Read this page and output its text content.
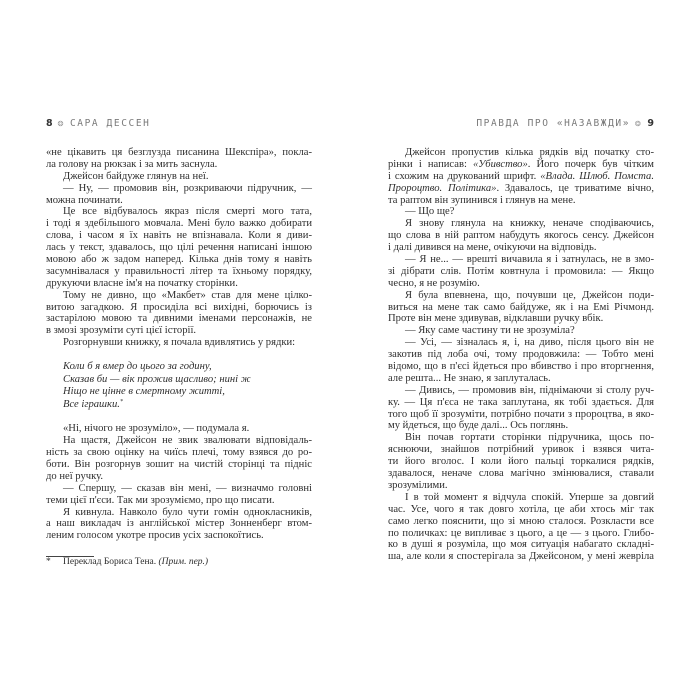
8 ❂ САРА ДЕССЕН	ПРАВДА ПРО «НАЗАВЖДИ» ❂ 9
«не цікавить ця безглузда писанина Шекспіра», покла-
ла голову на рюкзак і за мить заснула.
Джейсон байдуже глянув на неї.
— Ну, — промовив він, розкриваючи підручник, —
можна починати.
Це все відбувалось якраз після смерті мого тата,
і тоді я здебільшого мовчала. Мені було важко добирати
слова, і часом я їх навіть не впізнавала. Коли я диви-
лась у текст, здавалось, що цілі речення написані іншою
мовою або ж задом наперед. Кілька днів тому я навіть
засумнівалася у правильності літер та їхньому порядку,
друкуючи власне ім'я на початку сторінки.
Тому не дивно, що «Макбет» став для мене цілко-
витою загадкою. Я просиділа всі вихідні, борючись із
застарілою мовою та дивними іменами персонажів, не
в змозі зрозуміти суті цієї історії.
Розгорнувши книжку, я почала вдивлятись у рядки:
Коли б я вмер до цього за годину,
Сказав би — вік прожив щасливо; нині ж
Ніщо не цінне в смертному житті,
Все іграшки.*
«Ні, нічого не зрозуміло», — подумала я.
На щастя, Джейсон не звик звалювати відповідаль-
ність за свою оцінку на чиїсь плечі, тому взявся до ро-
боти. Він розгорнув зошит на чистій сторінці та підніс
до неї ручку.
— Спершу, — сказав він мені, — визначмо головні
теми цієї п'єси. Так ми зрозуміємо, про що писати.
Я кивнула. Навколо було чути гомін однокласників,
а наш викладач із англійської містер Зонненберг втом-
леним голосом укотре просив усіх заспокоїтись.
Джейсон пропустив кілька рядків від початку сто-
рінки і написав: «Убивство». Його почерк був чітким
і схожим на друкований шрифт. «Влада. Шлюб. Помста.
Пророцтво. Політика». Здавалось, це триватиме вічно,
та раптом він зупинився і глянув на мене.
— Що ще?
Я знову глянула на книжку, неначе сподіваючись,
що слова в ній раптом набудуть якогось сенсу. Джейсон
і далі дивився на мене, очікуючи на відповідь.
— Я не... — врешті вичавила я і затнулась, не в змо-
зі дібрати слів. Потім ковтнула і промовила: — Якщо
чесно, я не розумію.
Я була впевнена, що, почувши це, Джейсон поди-
виться на мене так само байдуже, як і на Емі Річмонд.
Проте він мене здивував, відклавши ручку вбік.
— Яку саме частину ти не зрозуміла?
— Усі, — зізналась я, і, на диво, після цього він не
закотив під лоба очі, тому продовжила: — Тобто мені
відомо, що в п'єсі йдеться про вбивство і про вторгнення,
але решта... Не знаю, я заплуталась.
— Дивись, — промовив він, піднімаючи зі столу руч-
ку. — Ця п'єса не така заплутана, як тобі здається. Для
того щоб її зрозуміти, потрібно почати з пророцтва, в яко-
му йдеться, що буде далі... Ось поглянь.
Він почав гортати сторінки підручника, щось по-
яснюючи, знайшов потрібний уривок і взявся чита-
ти його вголос. І коли його пальці торкалися рядків,
здавалося, неначе слова магічно змінювалися, ставали
зрозумілими.
І в той момент я відчула спокій. Уперше за довгий
час. Усе, чого я так довго хотіла, це аби хтось міг так
само легко пояснити, що зі мною сталося. Розкласти все
по поличках: це випливає з цього, а це — з цього. Глибо-
ко в душі я розуміла, що моя ситуація набагато складні-
ша, але коли я спостерігала за Джейсоном, у мені жевріла
* Переклад Бориса Тена. (Прим. пер.)
